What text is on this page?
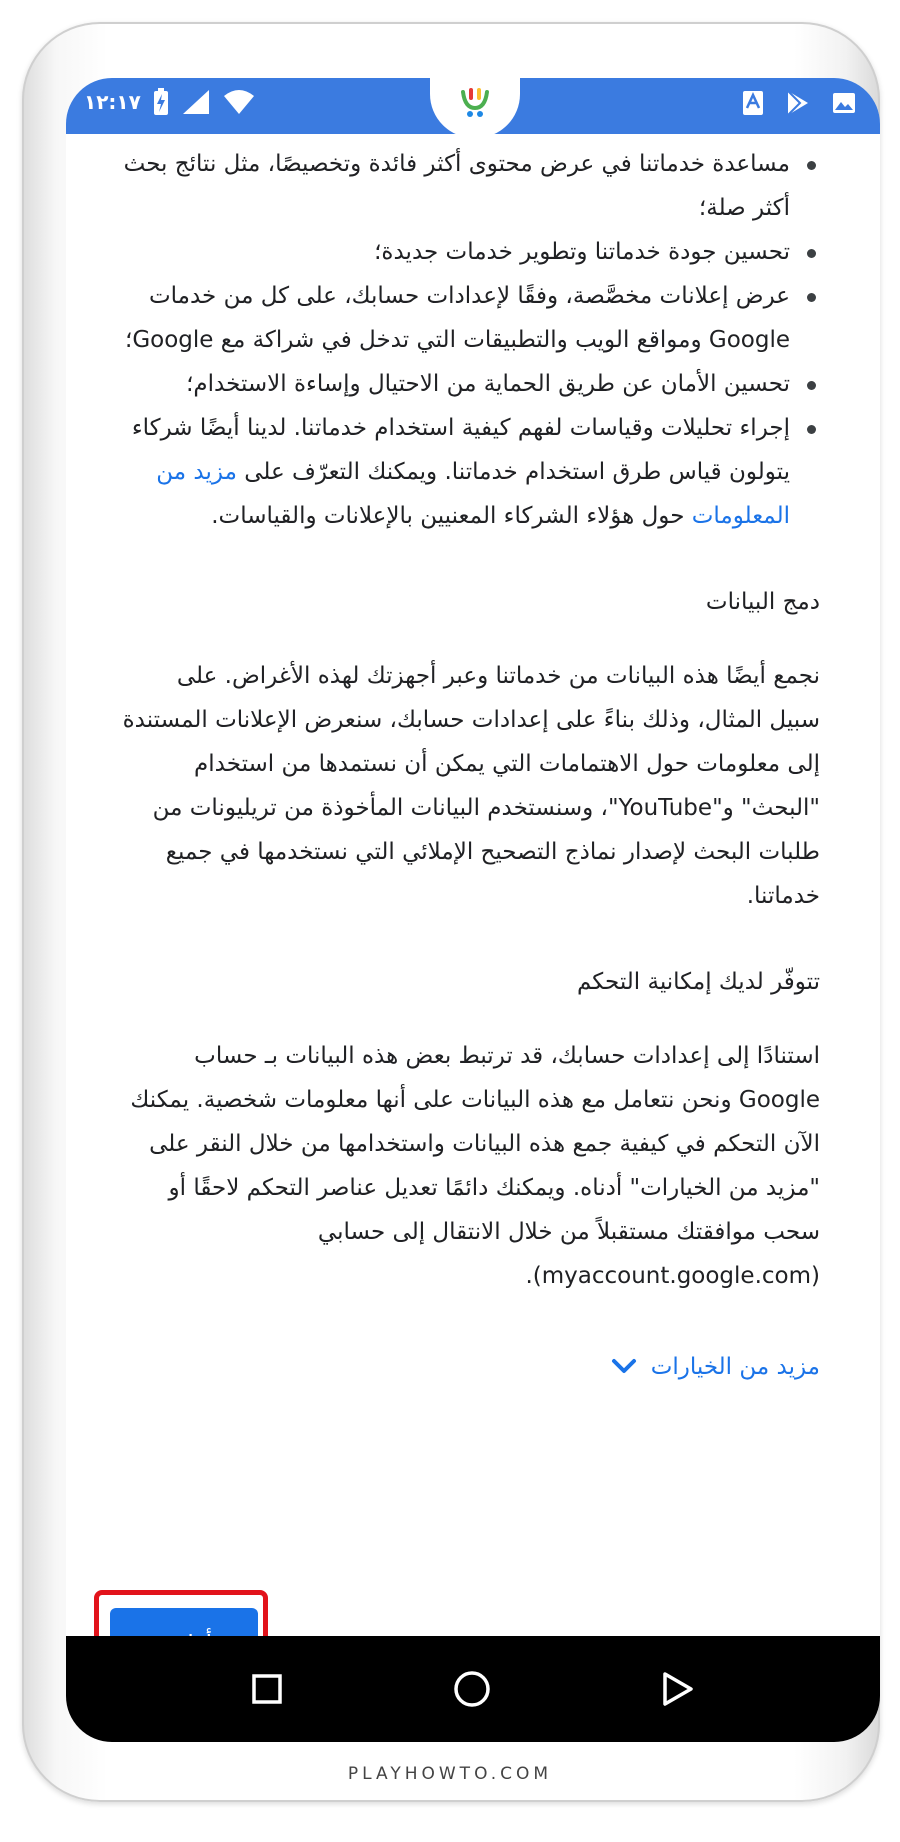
١٢:١٧
مساعدة خدماتنا في عرض محتوى أكثر فائدة وتخصيصًا، مثل نتائج بحث أكثر صلة؛
تحسين جودة خدماتنا وتطوير خدمات جديدة؛
عرض إعلانات مخصَّصة، وفقًا لإعدادات حسابك، على كل من خدمات Google ومواقع الويب والتطبيقات التي تدخل في شراكة مع Google؛
تحسين الأمان عن طريق الحماية من الاحتيال وإساءة الاستخدام؛
إجراء تحليلات وقياسات لفهم كيفية استخدام خدماتنا. لدينا أيضًا شركاء يتولون قياس طرق استخدام خدماتنا. ويمكنك التعرّف على مزيد من المعلومات حول هؤلاء الشركاء المعنيين بالإعلانات والقياسات.
دمج البيانات

نجمع أيضًا هذه البيانات من خدماتنا وعبر أجهزتك لهذه الأغراض. على سبيل المثال، وذلك بناءً على إعدادات حسابك، سنعرض الإعلانات المستندة إلى معلومات حول الاهتمامات التي يمكن أن نستمدها من استخدام "البحث" و"YouTube"، وسنستخدم البيانات المأخوذة من تريليونات من طلبات البحث لإصدار نماذج التصحيح الإملائي التي نستخدمها في جميع خدماتنا.

تتوفّر لديك إمكانية التحكم

استنادًا إلى إعدادات حسابك، قد ترتبط بعض هذه البيانات بـ حساب Google ونحن نتعامل مع هذه البيانات على أنها معلومات شخصية. يمكنك الآن التحكم في كيفية جمع هذه البيانات واستخدامها من خلال النقر على "مزيد من الخيارات" أدناه. ويمكنك دائمًا تعديل عناصر التحكم لاحقًا أو سحب موافقتك مستقبلاً من خلال الانتقال إلى حسابي (myaccount.google.com).

مزيد من الخيارات
PLAYHOWTO.COM
